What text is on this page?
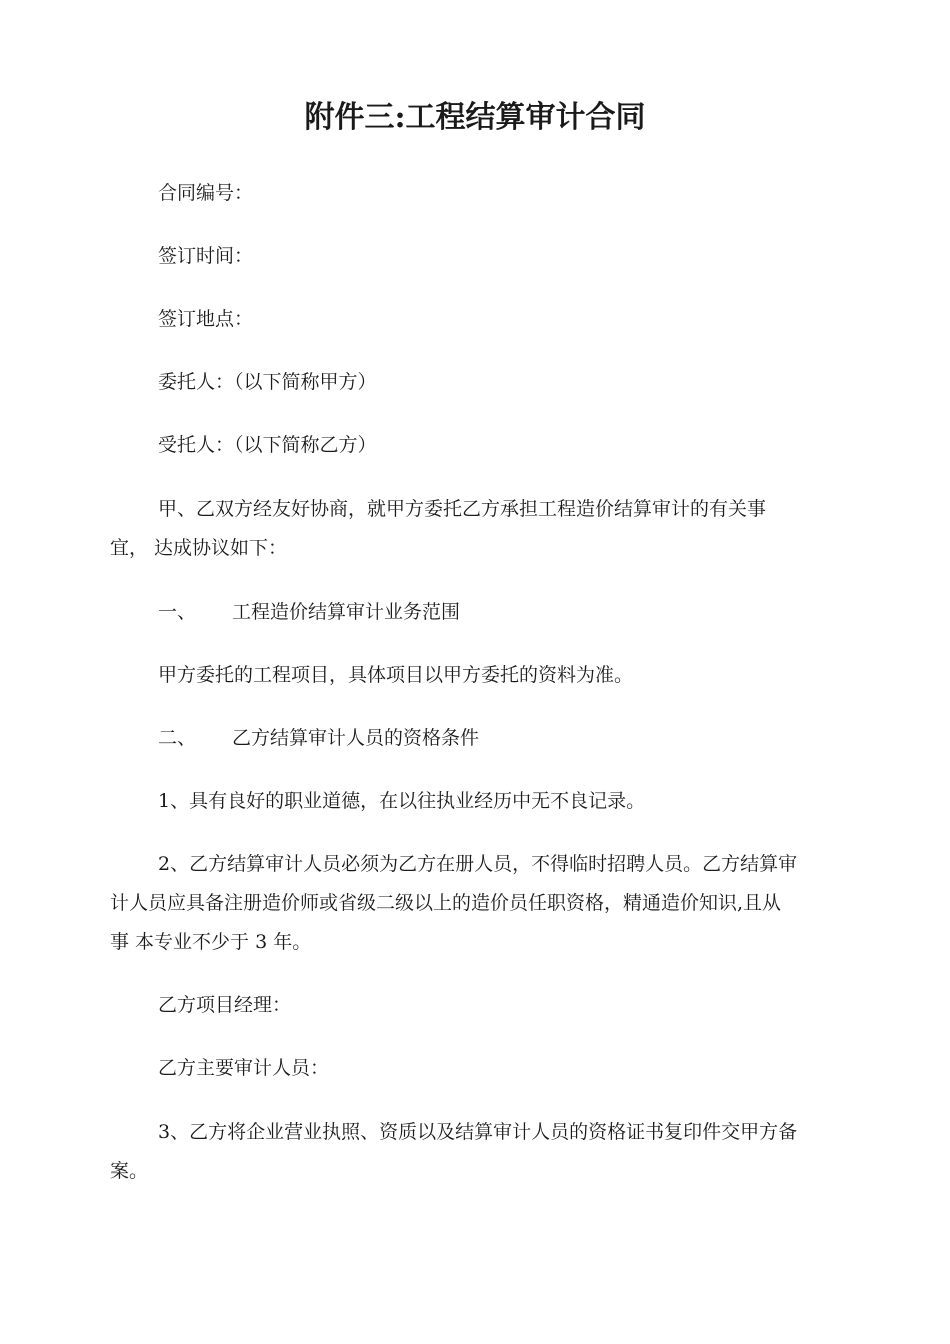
附件三:工程结算审计合同
合同编号：
签订时间：
签订地点：
委托人：（以下简称甲方）
受托人：（以下简称乙方）
甲、乙双方经友好协商，就甲方委托乙方承担工程造价结算审计的有关事
宜， 达成协议如下：
一、 工程造价结算审计业务范围
甲方委托的工程项目，具体项目以甲方委托的资料为准。
二、 乙方结算审计人员的资格条件
1、具有良好的职业道德，在以往执业经历中无不良记录。
2、乙方结算审计人员必须为乙方在册人员，不得临时招聘人员。乙方结算审
计人员应具备注册造价师或省级二级以上的造价员任职资格，精通造价知识,且从
事 本专业不少于 3 年。
乙方项目经理：
乙方主要审计人员：
3、乙方将企业营业执照、资质以及结算审计人员的资格证书复印件交甲方备
案。
